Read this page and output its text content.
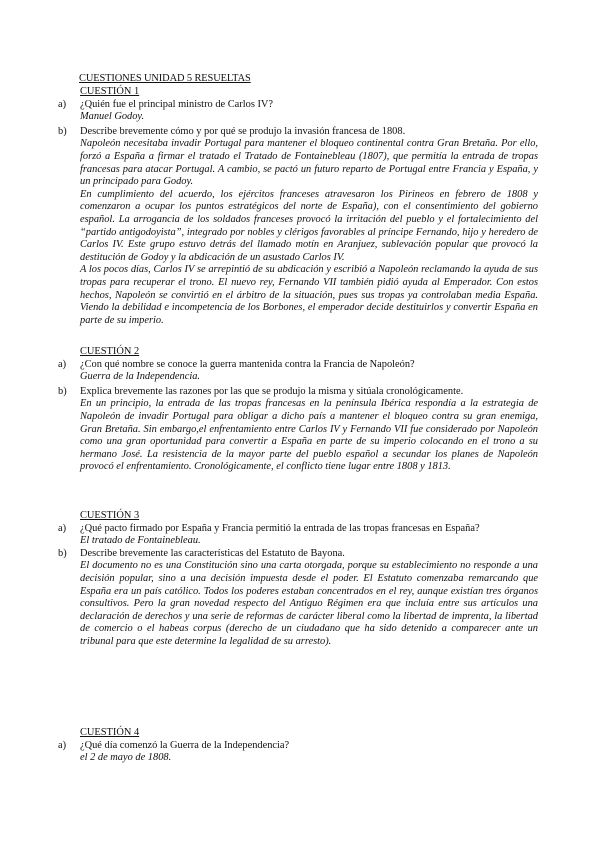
CUESTIONES UNIDAD 5 RESUELTAS
CUESTIÓN 1
a) ¿Quién fue el principal ministro de Carlos IV?

Manuel Godoy.

b) Describe brevemente cómo y por qué se produjo la invasión francesa de 1808.

Napoleón necesitaba invadir Portugal para mantener el bloqueo continental contra Gran Bretaña. Por ello, forzó a España a firmar el tratado el Tratado de Fontainebleau (1807), que permitía la entrada de tropas francesas para atacar Portugal. A cambio, se pactó un futuro reparto de Portugal entre Francia y España, y un principado para Godoy.

En cumplimiento del acuerdo, los ejércitos franceses atravesaron los Pirineos en febrero de 1808 y comenzaron a ocupar los puntos estratégicos del norte de España), con el consentimiento del gobierno español. La arrogancia de los soldados franceses provocó la irritación del pueblo y el fortalecimiento del “partido antigodoyista”, integrado por nobles y clérigos favorables al príncipe Fernando, hijo y heredero de Carlos IV. Este grupo estuvo detrás del llamado motín en Aranjuez, sublevación popular que provocó la destitución de Godoy y la abdicación de un asustado Carlos IV.

A los pocos días, Carlos IV se arrepintió de su abdicación y escribió a Napoleón reclamando la ayuda de sus tropas para recuperar el trono. El nuevo rey, Fernando VII también pidió ayuda al Emperador. Con estos hechos, Napoleón se convirtió en el árbitro de la situación, pues sus tropas ya controlaban media España. Viendo la debilidad e incompetencia de los Borbones, el emperador decide destituirlos y convertir España en parte de su imperio.

CUESTIÓN 2
a) ¿Con qué nombre se conoce la guerra mantenida contra la Francia de Napoleón?

Guerra de la Independencia.

b) Explica brevemente las razones por las que se produjo la misma y sitúala cronológicamente.

En un principio, la entrada de las tropas francesas en la península Ibérica respondía a la estrategia de Napoleón de invadir Portugal para obligar a dicho país a mantener el bloqueo contra su gran enemiga, Gran Bretaña. Sin embargo,el enfrentamiento entre Carlos IV y Fernando VII fue considerado por Napoleón como una gran oportunidad para convertir a España en parte de su imperio colocando en el trono a su hermano José. La resistencia de la mayor parte del pueblo español a secundar los planes de Napoleón provocó el enfrentamiento. Cronológicamente, el conflicto tiene lugar entre 1808 y 1813.

CUESTIÓN 3
a) ¿Qué pacto firmado por España y Francia permitió la entrada de las tropas francesas en España?

El tratado de Fontainebleau.

b) Describe brevemente las características del Estatuto de Bayona.

El documento no es una Constitución sino una carta otorgada, porque su establecimiento no responde a una decisión popular, sino a una decisión impuesta desde el poder. El Estatuto comenzaba remarcando que España era un país católico. Todos los poderes estaban concentrados en el rey, aunque existían tres órganos consultivos. Pero la gran novedad respecto del Antiguo Régimen era que incluía entre sus artículos una declaración de derechos y una serie de reformas de carácter liberal como la libertad de imprenta, la libertad de comercio o el habeas corpus (derecho de un ciudadano que ha sido detenido a comparecer ante un tribunal para que este determine la legalidad de su arresto).

CUESTIÓN 4
a) ¿Qué día comenzó la Guerra de la Independencia?

el 2 de mayo de 1808.
